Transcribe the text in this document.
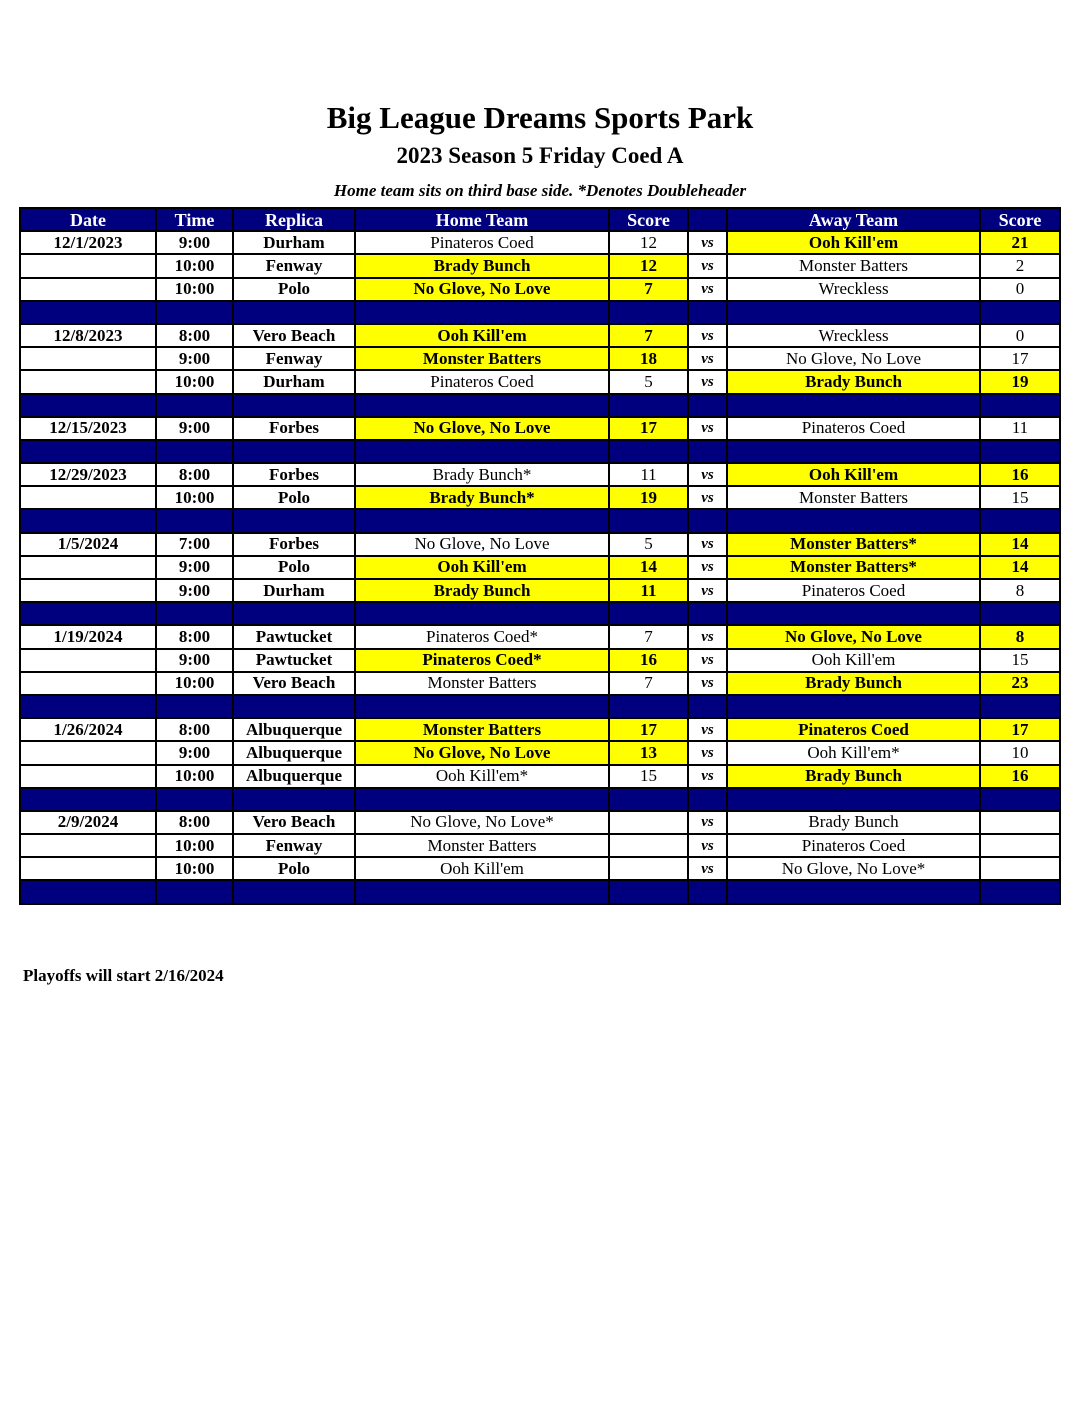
Big League Dreams Sports Park
2023 Season 5 Friday Coed A
Home team sits on third base side. *Denotes Doubleheader
Date	Time	Replica	Home Team	Score		Away Team	Score
12/1/2023	9:00	Durham	Pinateros Coed	12	vs	Ooh Kill'em	21
	10:00	Fenway	Brady Bunch	12	vs	Monster Batters	2
	10:00	Polo	No Glove, No Love	7	vs	Wreckless	0

12/8/2023	8:00	Vero Beach	Ooh Kill'em	7	vs	Wreckless	0
	9:00	Fenway	Monster Batters	18	vs	No Glove, No Love	17
	10:00	Durham	Pinateros Coed	5	vs	Brady Bunch	19

12/15/2023	9:00	Forbes	No Glove, No Love	17	vs	Pinateros Coed	11

12/29/2023	8:00	Forbes	Brady Bunch*	11	vs	Ooh Kill'em	16
	10:00	Polo	Brady Bunch*	19	vs	Monster Batters	15

1/5/2024	7:00	Forbes	No Glove, No Love	5	vs	Monster Batters*	14
	9:00	Polo	Ooh Kill'em	14	vs	Monster Batters*	14
	9:00	Durham	Brady Bunch	11	vs	Pinateros Coed	8

1/19/2024	8:00	Pawtucket	Pinateros Coed*	7	vs	No Glove, No Love	8
	9:00	Pawtucket	Pinateros Coed*	16	vs	Ooh Kill'em	15
	10:00	Vero Beach	Monster Batters	7	vs	Brady Bunch	23

1/26/2024	8:00	Albuquerque	Monster Batters	17	vs	Pinateros Coed	17
	9:00	Albuquerque	No Glove, No Love	13	vs	Ooh Kill'em*	10
	10:00	Albuquerque	Ooh Kill'em*	15	vs	Brady Bunch	16

2/9/2024	8:00	Vero Beach	No Glove, No Love*		vs	Brady Bunch	
	10:00	Fenway	Monster Batters		vs	Pinateros Coed	
	10:00	Polo	Ooh Kill'em		vs	No Glove, No Love*	

Playoffs will start 2/16/2024
